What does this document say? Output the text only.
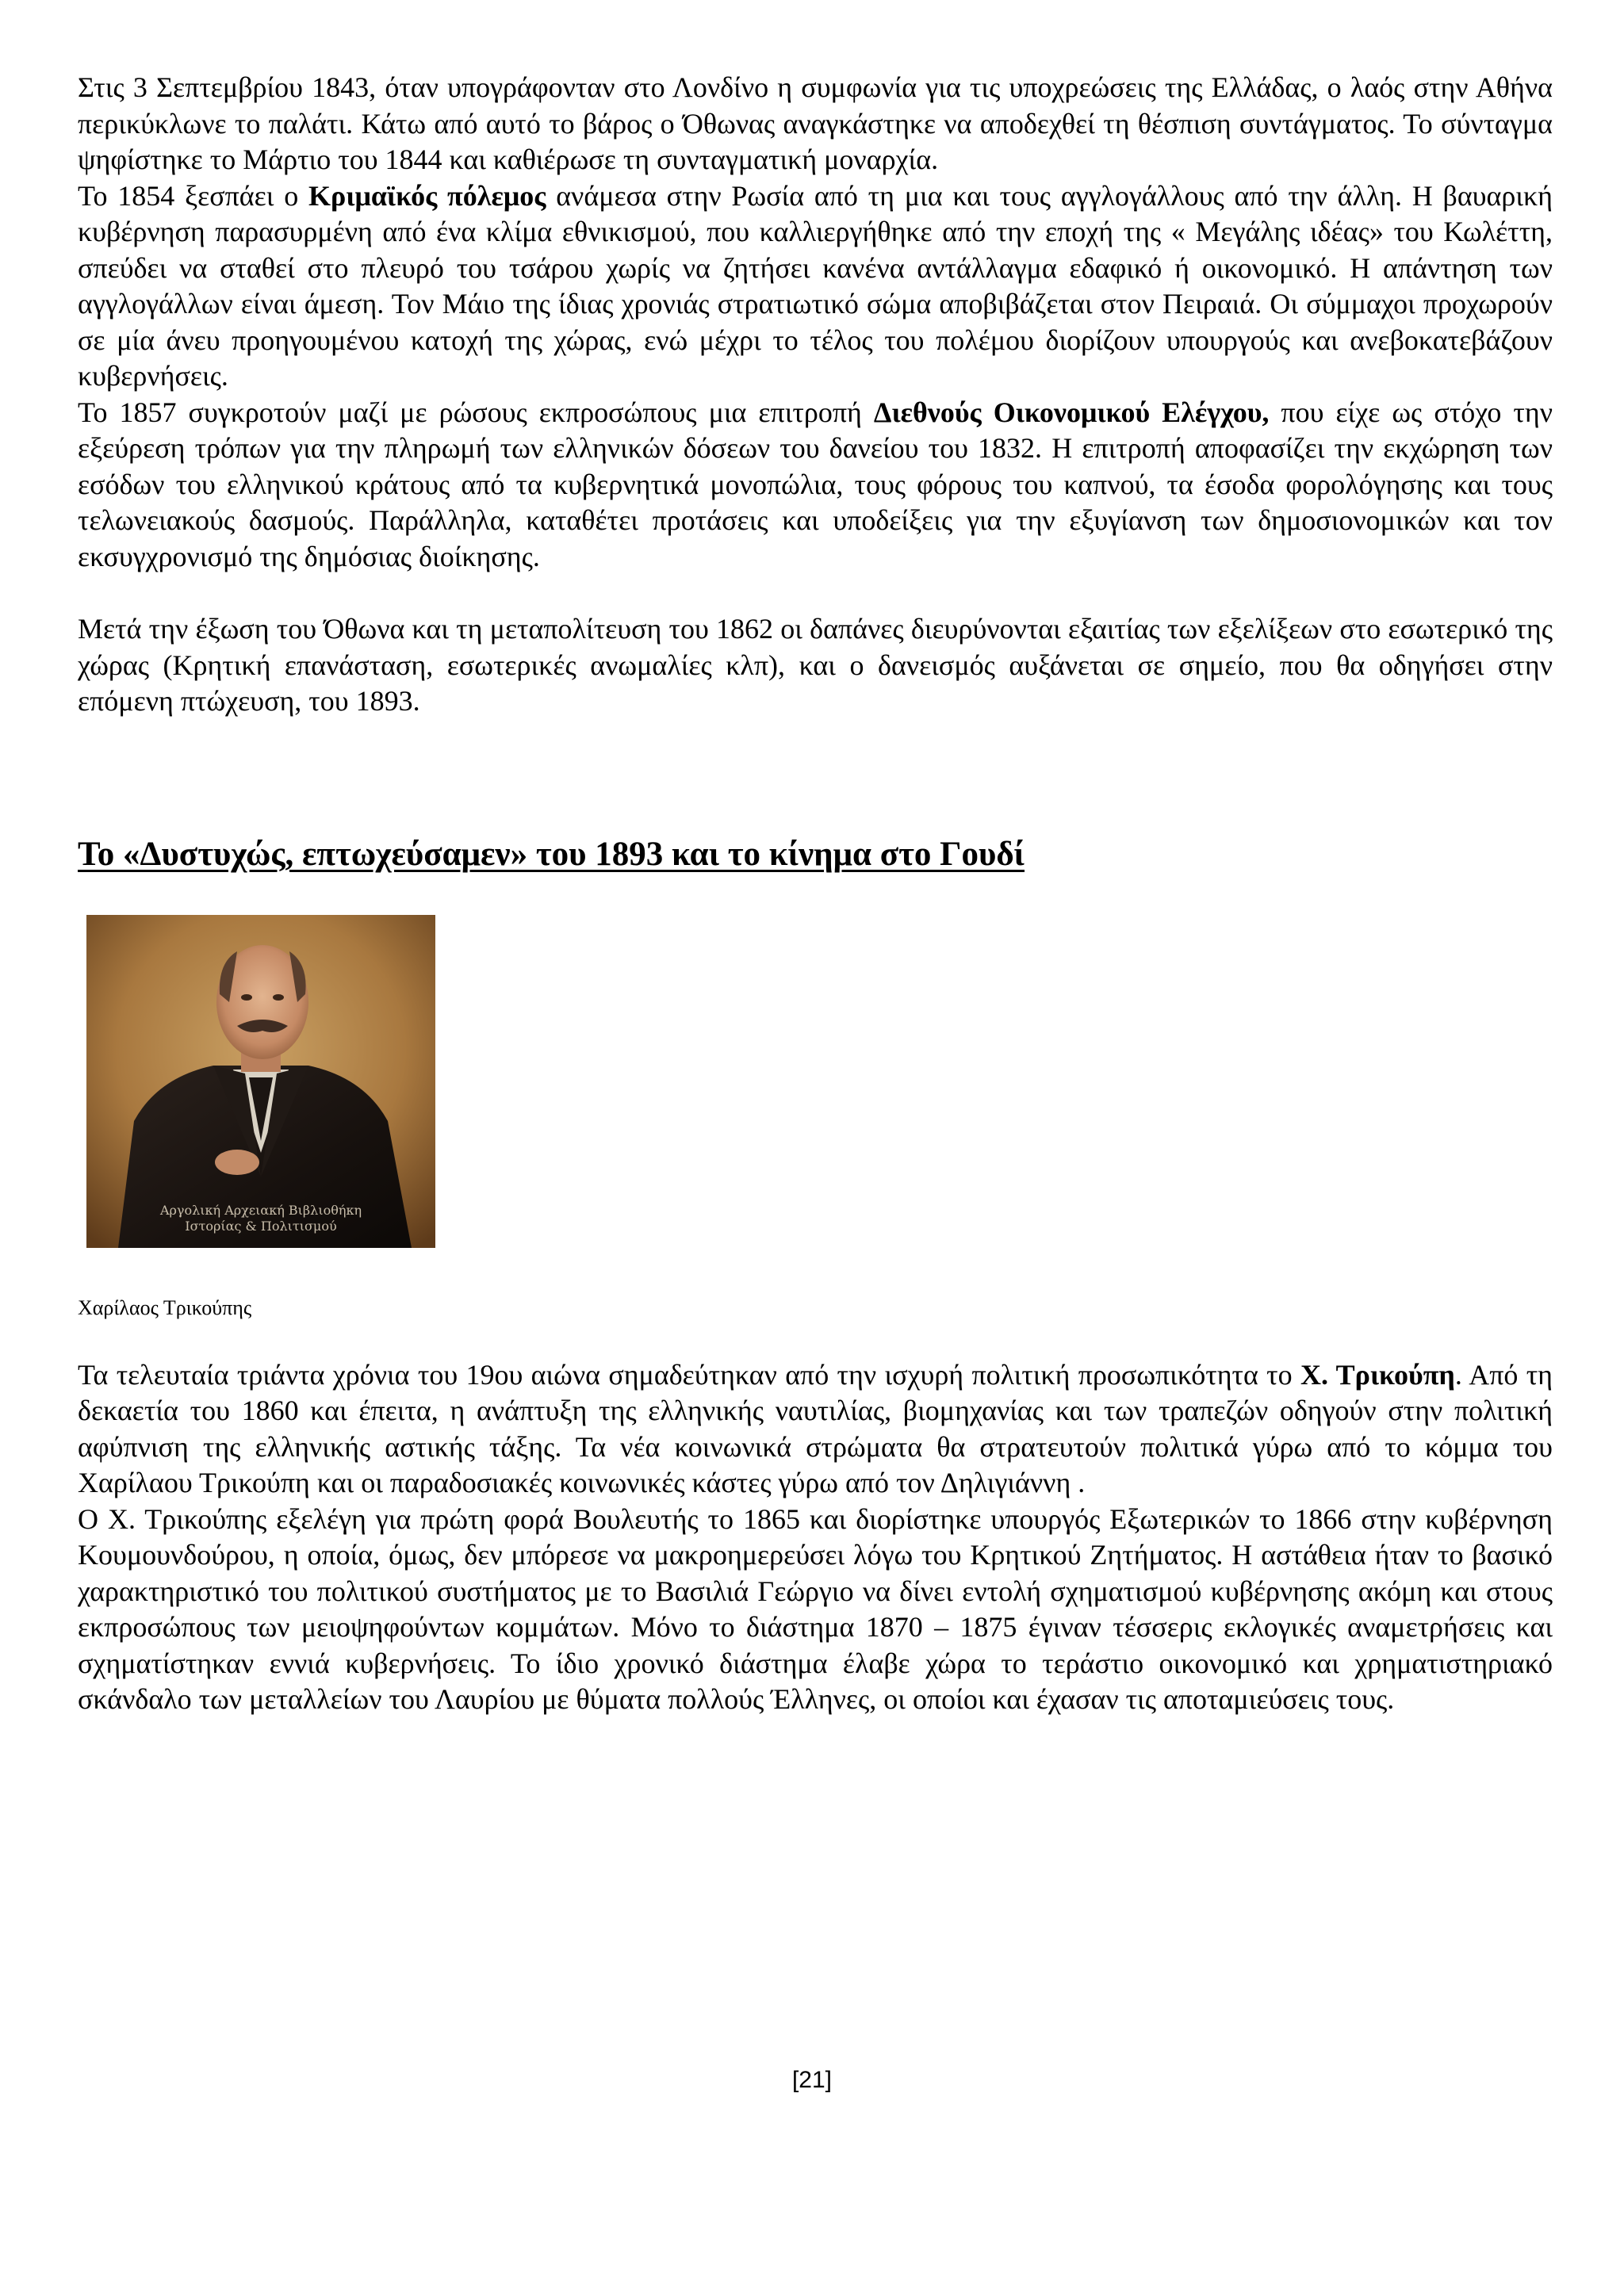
Στις 3 Σεπτεμβρίου 1843, όταν υπογράφονταν στο Λονδίνο η συμφωνία για τις υποχρεώσεις της Ελλάδας, ο λαός στην Αθήνα περικύκλωνε το παλάτι. Κάτω από αυτό το βάρος ο Όθωνας αναγκάστηκε να αποδεχθεί τη θέσπιση συντάγματος. Το σύνταγμα ψηφίστηκε το Μάρτιο του 1844 και καθιέρωσε τη συνταγματική μοναρχία.

Το 1854 ξεσπάει ο Κριμαϊκός πόλεμος ανάμεσα στην Ρωσία από τη μια και τους αγγλογάλλους από την άλλη. Η βαυαρική κυβέρνηση παρασυρμένη από ένα κλίμα εθνικισμού, που καλλιεργήθηκε από την εποχή της « Μεγάλης ιδέας» του Κωλέττη, σπεύδει να σταθεί στο πλευρό του τσάρου χωρίς να ζητήσει κανένα αντάλλαγμα εδαφικό ή οικονομικό. Η απάντηση των αγγλογάλλων είναι άμεση. Τον Μάιο της ίδιας χρονιάς στρατιωτικό σώμα αποβιβάζεται στον Πειραιά. Οι σύμμαχοι προχωρούν σε μία άνευ προηγουμένου κατοχή της χώρας, ενώ μέχρι το τέλος του πολέμου διορίζουν υπουργούς και ανεβοκατεβάζουν κυβερνήσεις.

Το 1857 συγκροτούν μαζί με ρώσους εκπροσώπους μια επιτροπή Διεθνούς Οικονομικού Ελέγχου, που είχε ως στόχο την εξεύρεση τρόπων για την πληρωμή των ελληνικών δόσεων του δανείου του 1832. Η επιτροπή αποφασίζει την εκχώρηση των εσόδων του ελληνικού κράτους από τα κυβερνητικά μονοπώλια, τους φόρους του καπνού, τα έσοδα φορολόγησης και τους τελωνειακούς δασμούς. Παράλληλα, καταθέτει προτάσεις και υποδείξεις για την εξυγίανση των δημοσιονομικών και τον εκσυγχρονισμό της δημόσιας διοίκησης.

Μετά την έξωση του Όθωνα και τη μεταπολίτευση του 1862 οι δαπάνες διευρύνονται εξαιτίας των εξελίξεων στο εσωτερικό της χώρας (Κρητική επανάσταση, εσωτερικές ανωμαλίες κλπ), και ο δανεισμός αυξάνεται σε σημείο, που θα οδηγήσει στην επόμενη πτώχευση, του 1893.

Το «Δυστυχώς, επτωχεύσαμεν» του 1893 και το κίνημα στο Γουδί
Αργολική Αρχειακή Βιβλιοθήκη
Ιστορίας & Πολιτισμού
Χαρίλαος Τρικούπης

Τα τελευταία τριάντα χρόνια του 19ου αιώνα σημαδεύτηκαν από την ισχυρή πολιτική προσωπικότητα το Χ. Τρικούπη. Από τη δεκαετία του 1860 και έπειτα, η ανάπτυξη της ελληνικής ναυτιλίας, βιομηχανίας και των τραπεζών οδηγούν στην πολιτική αφύπνιση της ελληνικής αστικής τάξης. Τα νέα κοινωνικά στρώματα θα στρατευτούν πολιτικά γύρω από το κόμμα του Χαρίλαου Τρικούπη και οι παραδοσιακές κοινωνικές κάστες γύρω από τον Δηλιγιάννη .

Ο Χ. Τρικούπης εξελέγη για πρώτη φορά Βουλευτής το 1865 και διορίστηκε υπουργός Εξωτερικών το 1866 στην κυβέρνηση Κουμουνδούρου, η οποία, όμως, δεν μπόρεσε να μακροημερεύσει λόγω του Κρητικού Ζητήματος. Η αστάθεια ήταν το βασικό χαρακτηριστικό του πολιτικού συστήματος με το Βασιλιά Γεώργιο να δίνει εντολή σχηματισμού κυβέρνησης ακόμη και στους εκπροσώπους των μειοψηφούντων κομμάτων. Μόνο το διάστημα 1870 – 1875 έγιναν τέσσερις εκλογικές αναμετρήσεις και σχηματίστηκαν εννιά κυβερνήσεις. Το ίδιο χρονικό διάστημα έλαβε χώρα το τεράστιο οικονομικό και χρηματιστηριακό σκάνδαλο των μεταλλείων του Λαυρίου με θύματα πολλούς Έλληνες, οι οποίοι και έχασαν τις αποταμιεύσεις τους.

[21]
